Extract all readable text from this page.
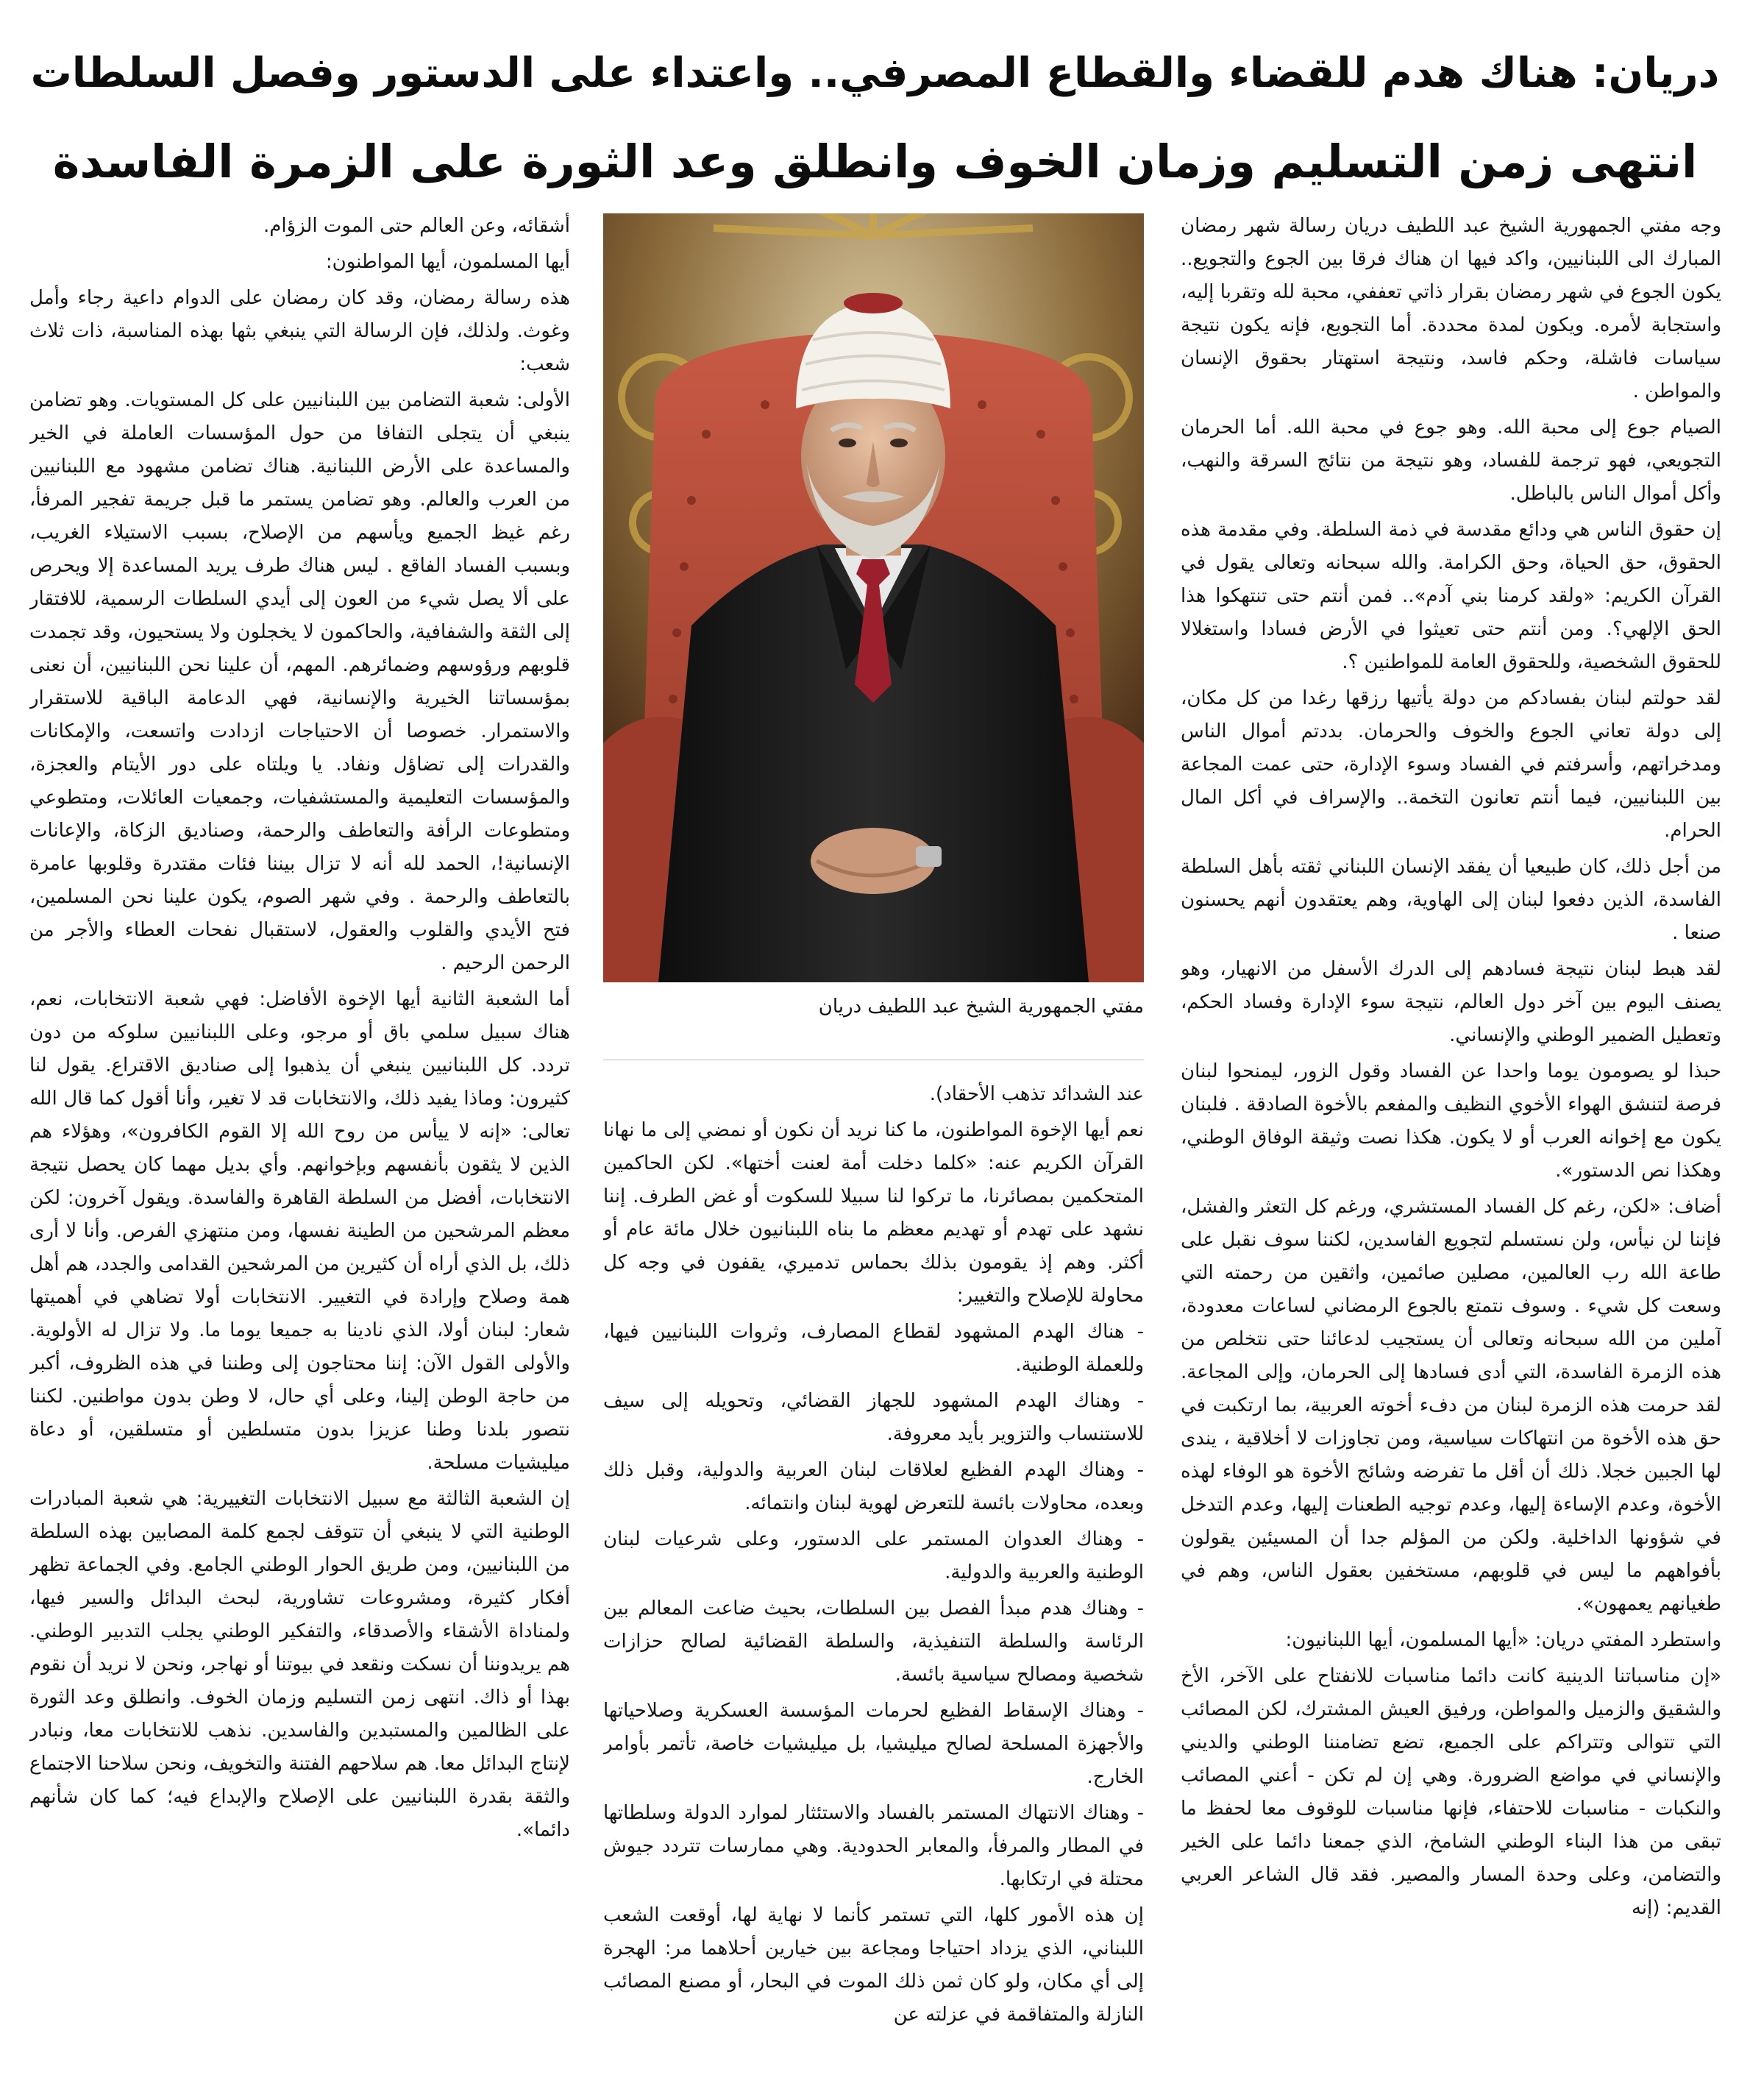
دريان: هناك هدم للقضاء والقطاع المصرفي.. واعتداء على الدستور وفصل السلطات
انتهى زمن التسليم وزمان الخوف وانطلق وعد الثورة على الزمرة الفاسدة

وجه مفتي الجمهورية الشيخ عبد اللطيف دريان رسالة شهر رمضان المبارك الى اللبنانيين، واكد فيها ان هناك فرقا بين الجوع والتجويع.. يكون الجوع في شهر رمضان بقرار ذاتي تعففي، محبة لله وتقربا إليه، واستجابة لأمره. ويكون لمدة محددة. أما التجويع، فإنه يكون نتيجة سياسات فاشلة، وحكم فاسد، ونتيجة استهتار بحقوق الإنسان والمواطن .

الصيام جوع إلى محبة الله. وهو جوع في محبة الله. أما الحرمان التجويعي، فهو ترجمة للفساد، وهو نتيجة من نتائج السرقة والنهب، وأكل أموال الناس بالباطل.

إن حقوق الناس هي ودائع مقدسة في ذمة السلطة. وفي مقدمة هذه الحقوق، حق الحياة، وحق الكرامة. والله سبحانه وتعالى يقول في القرآن الكريم: «ولقد كرمنا بني آدم».. فمن أنتم حتى تنتهكوا هذا الحق الإلهي؟. ومن أنتم حتى تعيثوا في الأرض فسادا واستغلالا للحقوق الشخصية، وللحقوق العامة للمواطنين ؟.

لقد حولتم لبنان بفسادكم من دولة يأتيها رزقها رغدا من كل مكان، إلى دولة تعاني الجوع والخوف والحرمان. بددتم أموال الناس ومدخراتهم، وأسرفتم في الفساد وسوء الإدارة، حتى عمت المجاعة بين اللبنانيين، فيما أنتم تعانون التخمة.. والإسراف في أكل المال الحرام.

من أجل ذلك، كان طبيعيا أن يفقد الإنسان اللبناني ثقته بأهل السلطة الفاسدة، الذين دفعوا لبنان إلى الهاوية، وهم يعتقدون أنهم يحسنون صنعا .

لقد هبط لبنان نتيجة فسادهم إلى الدرك الأسفل من الانهيار، وهو يصنف اليوم بين آخر دول العالم، نتيجة سوء الإدارة وفساد الحكم، وتعطيل الضمير الوطني والإنساني.

حبذا لو يصومون يوما واحدا عن الفساد وقول الزور، ليمنحوا لبنان فرصة لتنشق الهواء الأخوي النظيف والمفعم بالأخوة الصادقة . فلبنان يكون مع إخوانه العرب أو لا يكون. هكذا نصت وثيقة الوفاق الوطني، وهكذا نص الدستور».

أضاف: «لكن، رغم كل الفساد المستشري، ورغم كل التعثر والفشل، فإننا لن نيأس، ولن نستسلم لتجويع الفاسدين، لكننا سوف نقبل على طاعة الله رب العالمين، مصلين صائمين، واثقين من رحمته التي وسعت كل شيء . وسوف نتمتع بالجوع الرمضاني لساعات معدودة، آملين من الله سبحانه وتعالى أن يستجيب لدعائنا حتى نتخلص من هذه الزمرة الفاسدة، التي أدى فسادها إلى الحرمان، وإلى المجاعة. لقد حرمت هذه الزمرة لبنان من دفء أخوته العربية، بما ارتكبت في حق هذه الأخوة من انتهاكات سياسية، ومن تجاوزات لا أخلاقية ، يندى لها الجبين خجلا. ذلك أن أقل ما تفرضه وشائج الأخوة هو الوفاء لهذه الأخوة، وعدم الإساءة إليها، وعدم توجيه الطعنات إليها، وعدم التدخل في شؤونها الداخلية. ولكن من المؤلم جدا أن المسيئين يقولون بأفواههم ما ليس في قلوبهم، مستخفين بعقول الناس، وهم في طغيانهم يعمهون».

واستطرد المفتي دريان: «أيها المسلمون، أيها اللبنانيون:

«إن مناسباتنا الدينية كانت دائما مناسبات للانفتاح على الآخر، الأخ والشقيق والزميل والمواطن، ورفيق العيش المشترك، لكن المصائب التي تتوالى وتتراكم على الجميع، تضع تضامننا الوطني والديني والإنساني في مواضع الضرورة. وهي إن لم تكن - أعني المصائب والنكبات - مناسبات للاحتفاء، فإنها مناسبات للوقوف معا لحفظ ما تبقى من هذا البناء الوطني الشامخ، الذي جمعنا دائما على الخير والتضامن، وعلى وحدة المسار والمصير. فقد قال الشاعر العربي القديم: (إنه

مفتي الجمهورية الشيخ عبد اللطيف دريان

عند الشدائد تذهب الأحقاد).

نعم أيها الإخوة المواطنون، ما كنا نريد أن نكون أو نمضي إلى ما نهانا القرآن الكريم عنه: «كلما دخلت أمة لعنت أختها». لكن الحاكمين المتحكمين بمصائرنا، ما تركوا لنا سبيلا للسكوت أو غض الطرف. إننا نشهد على تهدم أو تهديم معظم ما بناه اللبنانيون خلال مائة عام أو أكثر. وهم إذ يقومون بذلك بحماس تدميري، يقفون في وجه كل محاولة للإصلاح والتغيير:

- هناك الهدم المشهود لقطاع المصارف، وثروات اللبنانيين فيها، وللعملة الوطنية.

- وهناك الهدم المشهود للجهاز القضائي، وتحويله إلى سيف للاستنساب والتزوير بأيد معروفة.

- وهناك الهدم الفظيع لعلاقات لبنان العربية والدولية، وقبل ذلك وبعده، محاولات بائسة للتعرض لهوية لبنان وانتمائه.

- وهناك العدوان المستمر على الدستور، وعلى شرعيات لبنان الوطنية والعربية والدولية.

- وهناك هدم مبدأ الفصل بين السلطات، بحيث ضاعت المعالم بين الرئاسة والسلطة التنفيذية، والسلطة القضائية لصالح حزازات شخصية ومصالح سياسية بائسة.

- وهناك الإسقاط الفظيع لحرمات المؤسسة العسكرية وصلاحياتها والأجهزة المسلحة لصالح ميليشيا، بل ميليشيات خاصة، تأتمر بأوامر الخارج.

- وهناك الانتهاك المستمر بالفساد والاستئثار لموارد الدولة وسلطاتها في المطار والمرفأ، والمعابر الحدودية. وهي ممارسات تتردد جيوش محتلة في ارتكابها.

إن هذه الأمور كلها، التي تستمر كأنما لا نهاية لها، أوقعت الشعب اللبناني، الذي يزداد احتياجا ومجاعة بين خيارين أحلاهما مر: الهجرة إلى أي مكان، ولو كان ثمن ذلك الموت في البحار، أو مصنع المصائب النازلة والمتفاقمة في عزلته عن

أشقائه، وعن العالم حتى الموت الزؤام.

أيها المسلمون، أيها المواطنون:

هذه رسالة رمضان، وقد كان رمضان على الدوام داعية رجاء وأمل وغوث. ولذلك، فإن الرسالة التي ينبغي بثها بهذه المناسبة، ذات ثلاث شعب:

الأولى: شعبة التضامن بين اللبنانيين على كل المستويات. وهو تضامن ينبغي أن يتجلى التفافا من حول المؤسسات العاملة في الخير والمساعدة على الأرض اللبنانية. هناك تضامن مشهود مع اللبنانيين من العرب والعالم. وهو تضامن يستمر ما قبل جريمة تفجير المرفأ، رغم غيظ الجميع ويأسهم من الإصلاح، بسبب الاستيلاء الغريب، وبسبب الفساد الفاقع . ليس هناك طرف يريد المساعدة إلا ويحرص على ألا يصل شيء من العون إلى أيدي السلطات الرسمية، للافتقار إلى الثقة والشفافية، والحاكمون لا يخجلون ولا يستحيون، وقد تجمدت قلوبهم ورؤوسهم وضمائرهم. المهم، أن علينا نحن اللبنانيين، أن نعنى بمؤسساتنا الخيرية والإنسانية، فهي الدعامة الباقية للاستقرار والاستمرار. خصوصا أن الاحتياجات ازدادت واتسعت، والإمكانات والقدرات إلى تضاؤل ونفاد. يا ويلتاه على دور الأيتام والعجزة، والمؤسسات التعليمية والمستشفيات، وجمعيات العائلات، ومتطوعي ومتطوعات الرأفة والتعاطف والرحمة، وصناديق الزكاة، والإعانات الإنسانية!، الحمد لله أنه لا تزال بيننا فئات مقتدرة وقلوبها عامرة بالتعاطف والرحمة . وفي شهر الصوم، يكون علينا نحن المسلمين، فتح الأيدي والقلوب والعقول، لاستقبال نفحات العطاء والأجر من الرحمن الرحيم .

أما الشعبة الثانية أيها الإخوة الأفاضل: فهي شعبة الانتخابات، نعم، هناك سبيل سلمي باق أو مرجو، وعلى اللبنانيين سلوكه من دون تردد. كل اللبنانيين ينبغي أن يذهبوا إلى صناديق الاقتراع. يقول لنا كثيرون: وماذا يفيد ذلك، والانتخابات قد لا تغير، وأنا أقول كما قال الله تعالى: «إنه لا ييأس من روح الله إلا القوم الكافرون»، وهؤلاء هم الذين لا يثقون بأنفسهم وبإخوانهم. وأي بديل مهما كان يحصل نتيجة الانتخابات، أفضل من السلطة القاهرة والفاسدة. ويقول آخرون: لكن معظم المرشحين من الطينة نفسها، ومن منتهزي الفرص. وأنا لا أرى ذلك، بل الذي أراه أن كثيرين من المرشحين القدامى والجدد، هم أهل همة وصلاح وإرادة في التغيير. الانتخابات أولا تضاهي في أهميتها شعار: لبنان أولا، الذي نادينا به جميعا يوما ما. ولا تزال له الأولوية. والأولى القول الآن: إننا محتاجون إلى وطننا في هذه الظروف، أكبر من حاجة الوطن إلينا، وعلى أي حال، لا وطن بدون مواطنين. لكننا نتصور بلدنا وطنا عزيزا بدون متسلطين أو متسلقين، أو دعاة ميليشيات مسلحة.

إن الشعبة الثالثة مع سبيل الانتخابات التغييرية: هي شعبة المبادرات الوطنية التي لا ينبغي أن تتوقف لجمع كلمة المصابين بهذه السلطة من اللبنانيين، ومن طريق الحوار الوطني الجامع. وفي الجماعة تظهر أفكار كثيرة، ومشروعات تشاورية، لبحث البدائل والسير فيها، ولمناداة الأشقاء والأصدقاء، والتفكير الوطني يجلب التدبير الوطني. هم يريدوننا أن نسكت ونقعد في بيوتنا أو نهاجر، ونحن لا نريد أن نقوم بهذا أو ذاك. انتهى زمن التسليم وزمان الخوف. وانطلق وعد الثورة على الظالمين والمستبدين والفاسدين. نذهب للانتخابات معا، ونبادر لإنتاج البدائل معا. هم سلاحهم الفتنة والتخويف، ونحن سلاحنا الاجتماع والثقة بقدرة اللبنانيين على الإصلاح والإبداع فيه؛ كما كان شأنهم دائما».
